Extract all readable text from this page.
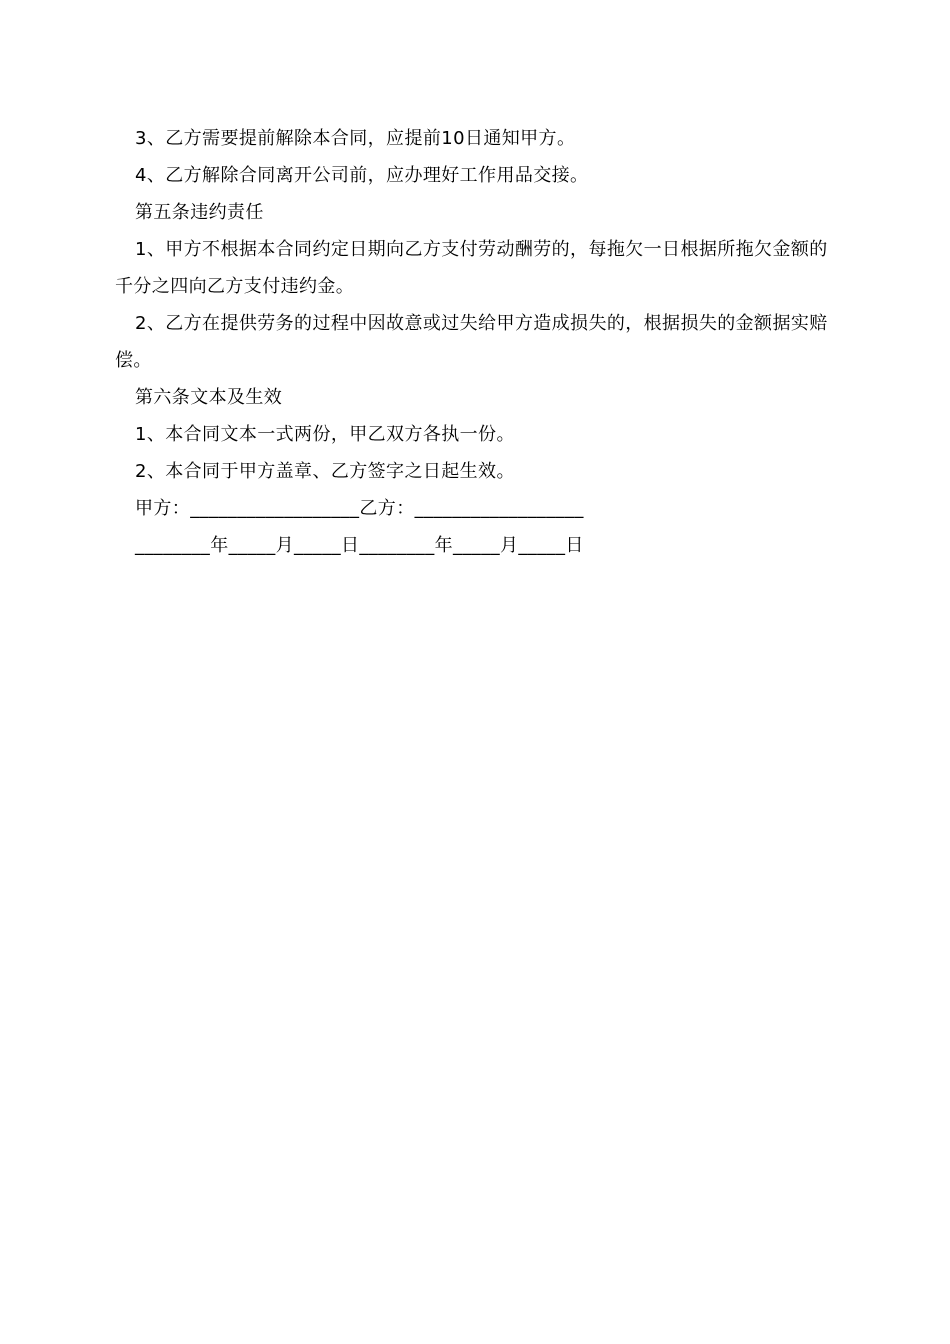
3、乙方需要提前解除本合同，应提前10日通知甲方。

4、乙方解除合同离开公司前，应办理好工作用品交接。

第五条违约责任

1、甲方不根据本合同约定日期向乙方支付劳动酬劳的，每拖欠一日根据所拖欠金额的千分之四向乙方支付违约金。

2、乙方在提供劳务的过程中因故意或过失给甲方造成损失的，根据损失的金额据实赔偿。

第六条文本及生效

1、本合同文本一式两份，甲乙双方各执一份。

2、本合同于甲方盖章、乙方签字之日起生效。

甲方：__________________乙方：__________________

________年_____月_____日________年_____月_____日
